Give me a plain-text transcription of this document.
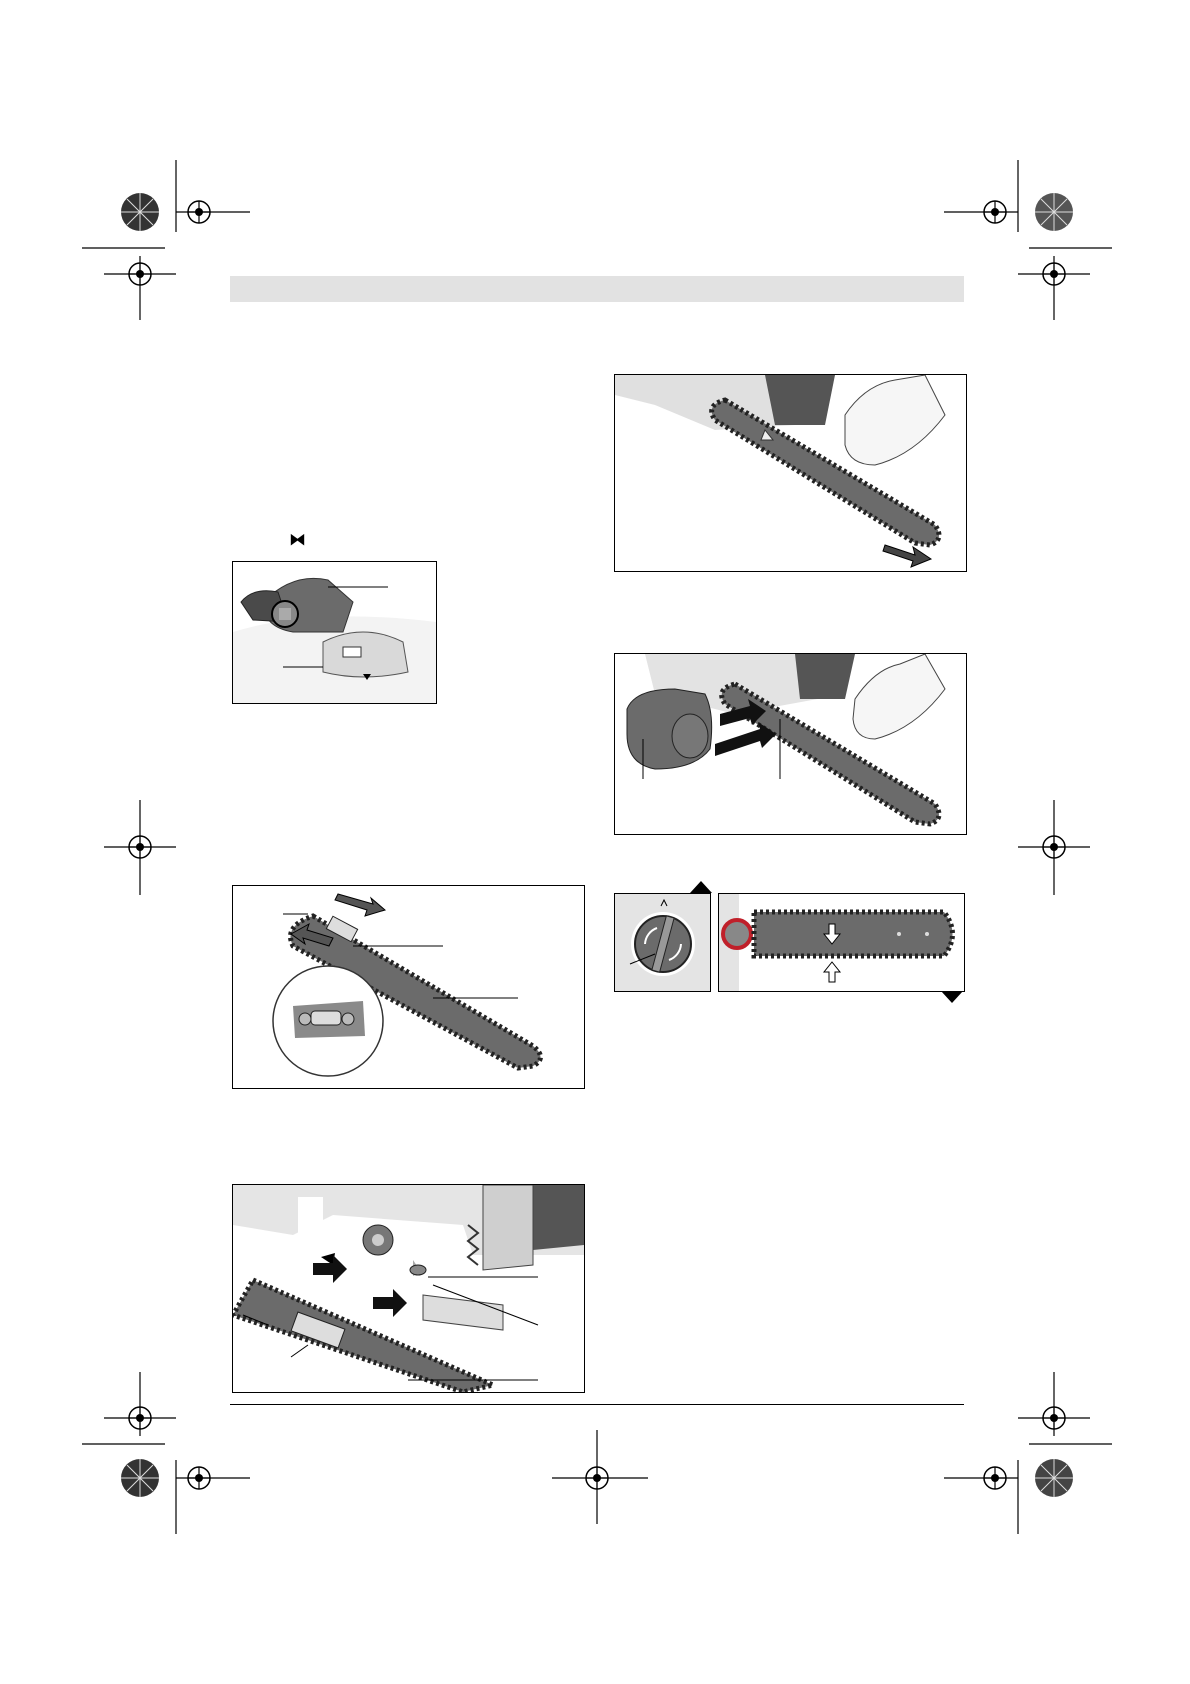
⧓
